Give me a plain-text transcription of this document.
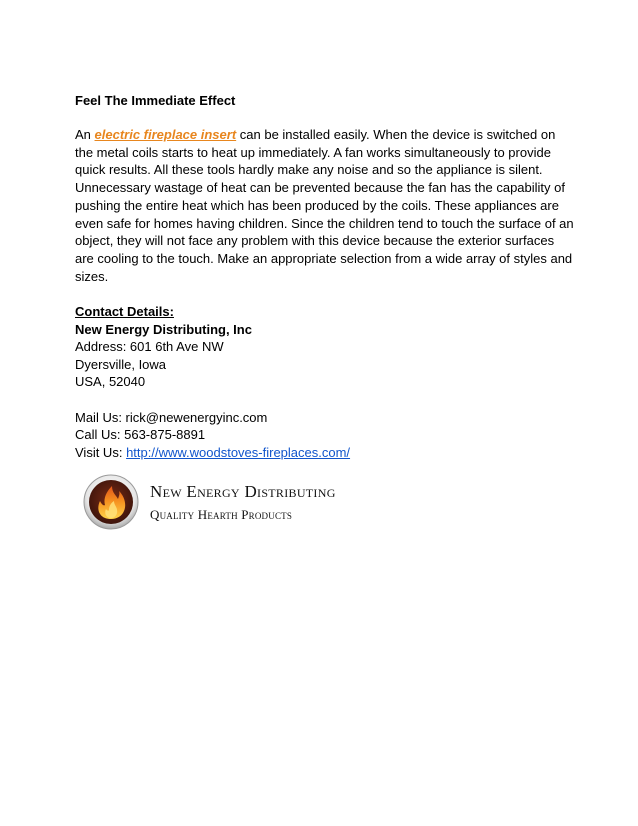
Feel The Immediate Effect

An electric fireplace insert can be installed easily. When the device is switched on the metal coils starts to heat up immediately. A fan works simultaneously to provide quick results. All these tools hardly make any noise and so the appliance is silent. Unnecessary wastage of heat can be prevented because the fan has the capability of pushing the entire heat which has been produced by the coils. These appliances are even safe for homes having children. Since the children tend to touch the surface of an object, they will not face any problem with this device because the exterior surfaces are cooling to the touch. Make an appropriate selection from a wide array of styles and sizes.

Contact Details:
New Energy Distributing, Inc
Address: 601 6th Ave NW
Dyersville, Iowa
USA, 52040
Mail Us: rick@newenergyinc.com
Call Us: 563-875-8891
Visit Us: http://www.woodstoves-fireplaces.com/
New Energy Distributing
Quality Hearth Products
